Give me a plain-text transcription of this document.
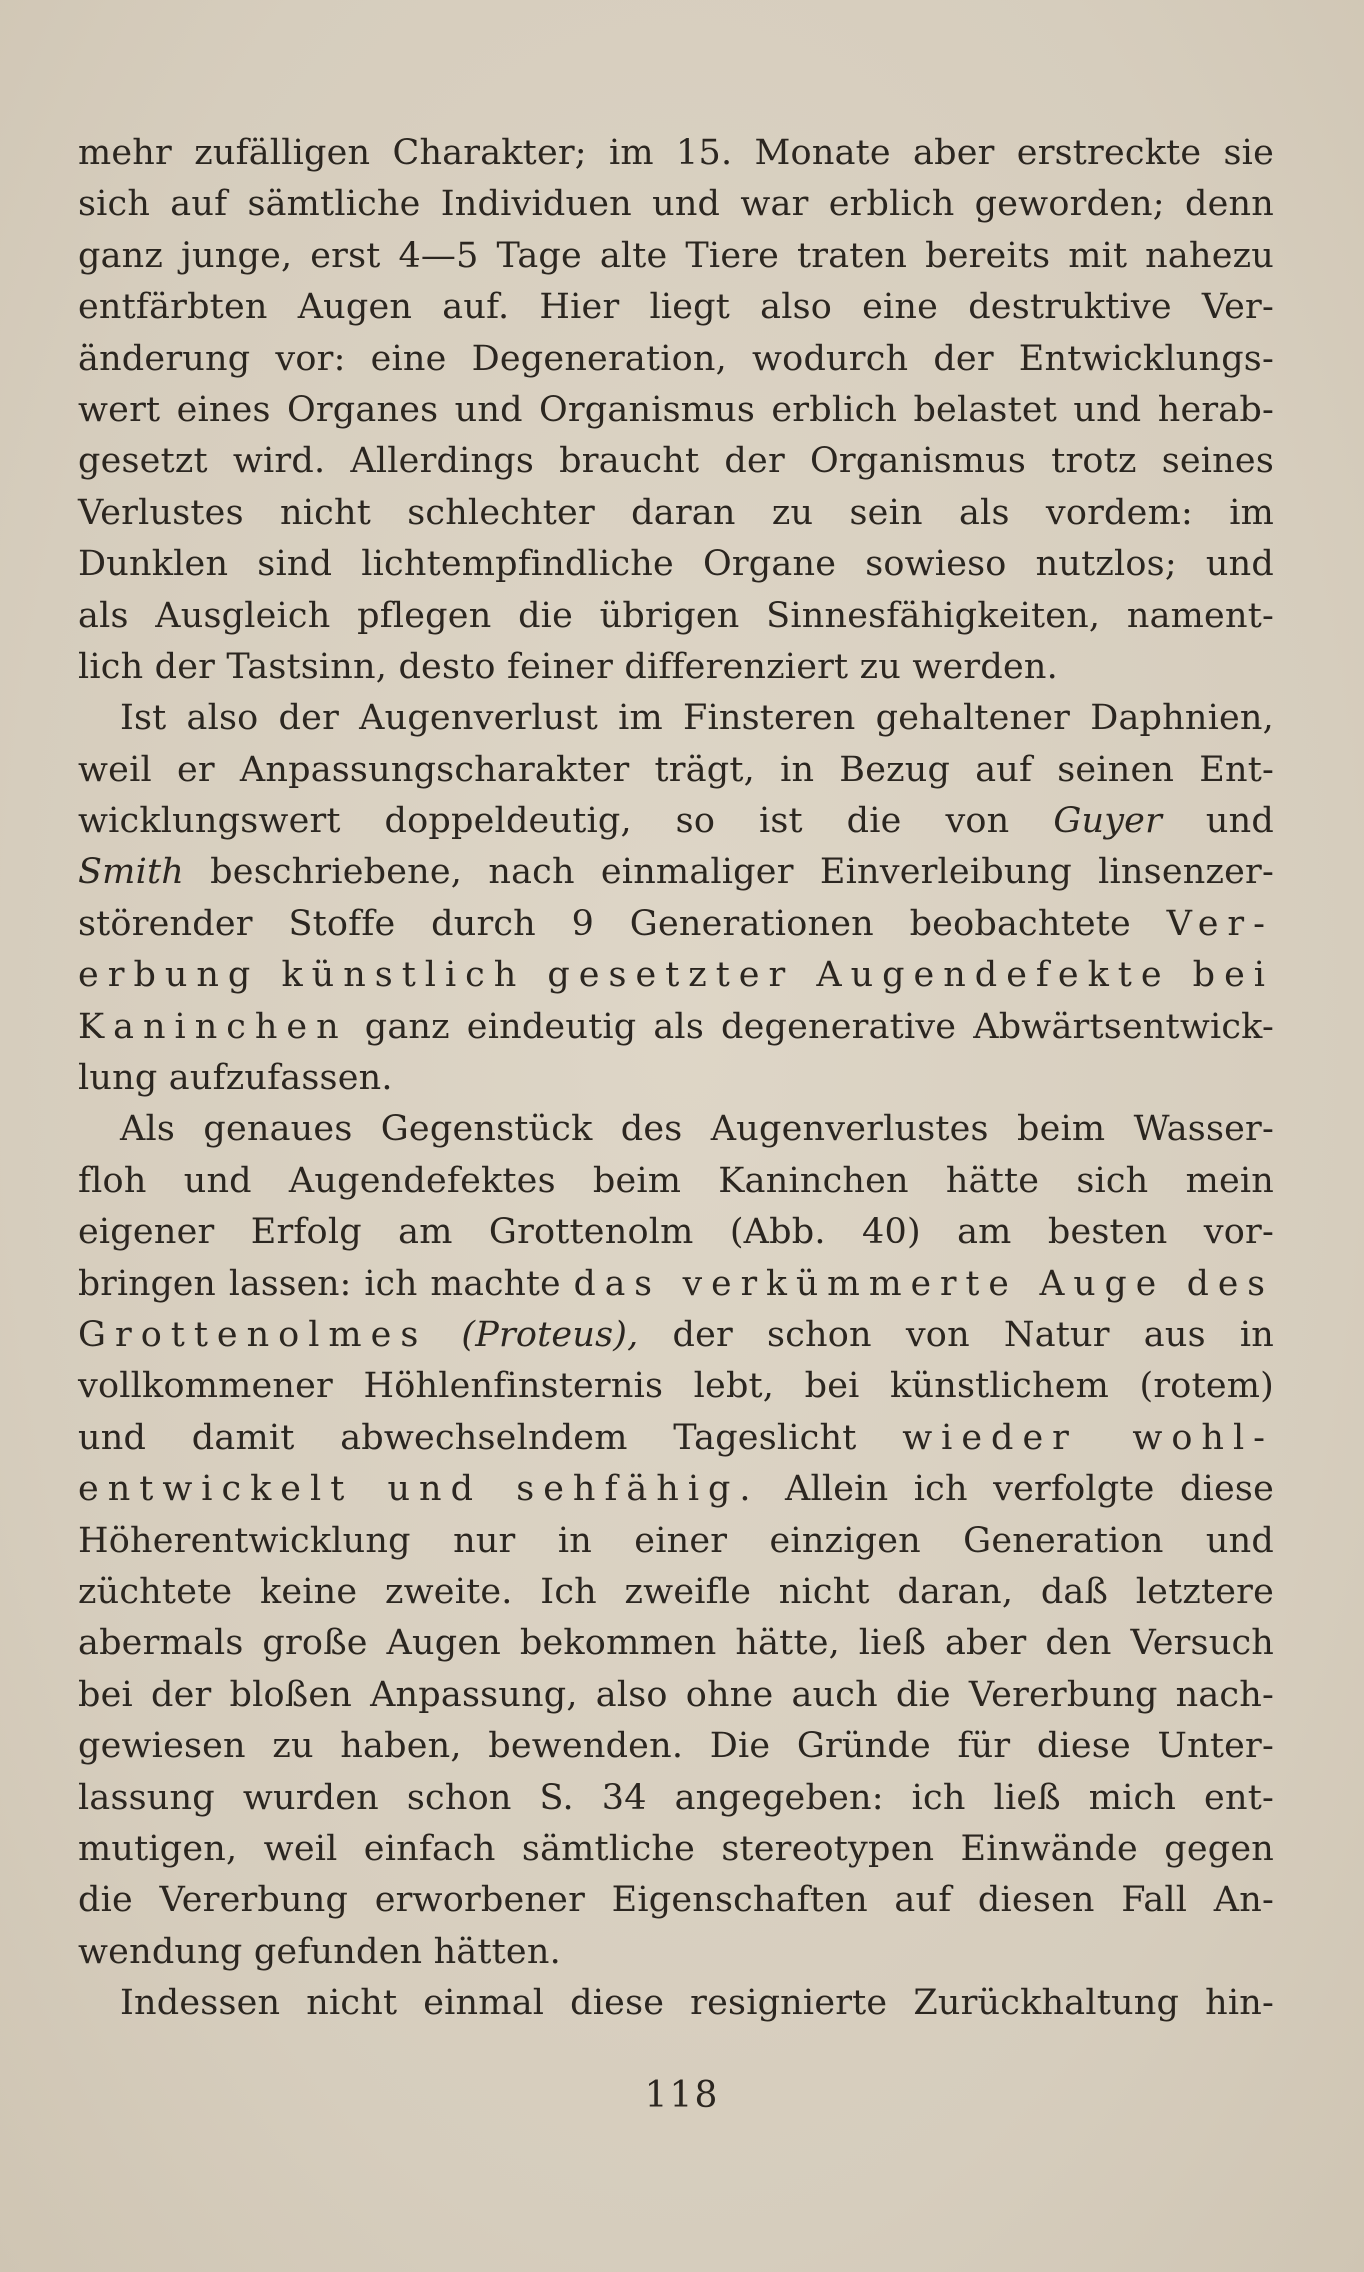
mehr zufälligen Charakter; im 15. Monate aber erstreckte sie
sich auf sämtliche Individuen und war erblich geworden; denn
ganz junge, erst 4—5 Tage alte Tiere traten bereits mit nahezu
entfärbten Augen auf. Hier liegt also eine destruktive Ver-
änderung vor: eine Degeneration, wodurch der Entwicklungs-
wert eines Organes und Organismus erblich belastet und herab-
gesetzt wird. Allerdings braucht der Organismus trotz seines
Verlustes nicht schlechter daran zu sein als vordem: im
Dunklen sind lichtempfindliche Organe sowieso nutzlos; und
als Ausgleich pflegen die übrigen Sinnesfähigkeiten, nament-
lich der Tastsinn, desto feiner differenziert zu werden.
Ist also der Augenverlust im Finsteren gehaltener Daphnien,
weil er Anpassungscharakter trägt, in Bezug auf seinen Ent-
wicklungswert doppeldeutig, so ist die von Guyer und
Smith beschriebene, nach einmaliger Einverleibung linsenzer-
störender Stoffe durch 9 Generationen beobachtete Ver-
erbung künstlich gesetzter Augendefekte bei
Kaninchen ganz eindeutig als degenerative Abwärtsentwick-
lung aufzufassen.
Als genaues Gegenstück des Augenverlustes beim Wasser-
floh und Augendefektes beim Kaninchen hätte sich mein
eigener Erfolg am Grottenolm (Abb. 40) am besten vor-
bringen lassen: ich machte das verkümmerte Auge des
Grottenolmes (Proteus), der schon von Natur aus in
vollkommener Höhlenfinsternis lebt, bei künstlichem (rotem)
und damit abwechselndem Tageslicht wieder wohl-
entwickelt und sehfähig. Allein ich verfolgte diese
Höherentwicklung nur in einer einzigen Generation und
züchtete keine zweite. Ich zweifle nicht daran, daß letztere
abermals große Augen bekommen hätte, ließ aber den Versuch
bei der bloßen Anpassung, also ohne auch die Vererbung nach-
gewiesen zu haben, bewenden. Die Gründe für diese Unter-
lassung wurden schon S. 34 angegeben: ich ließ mich ent-
mutigen, weil einfach sämtliche stereotypen Einwände gegen
die Vererbung erworbener Eigenschaften auf diesen Fall An-
wendung gefunden hätten.
Indessen nicht einmal diese resignierte Zurückhaltung hin-
118
